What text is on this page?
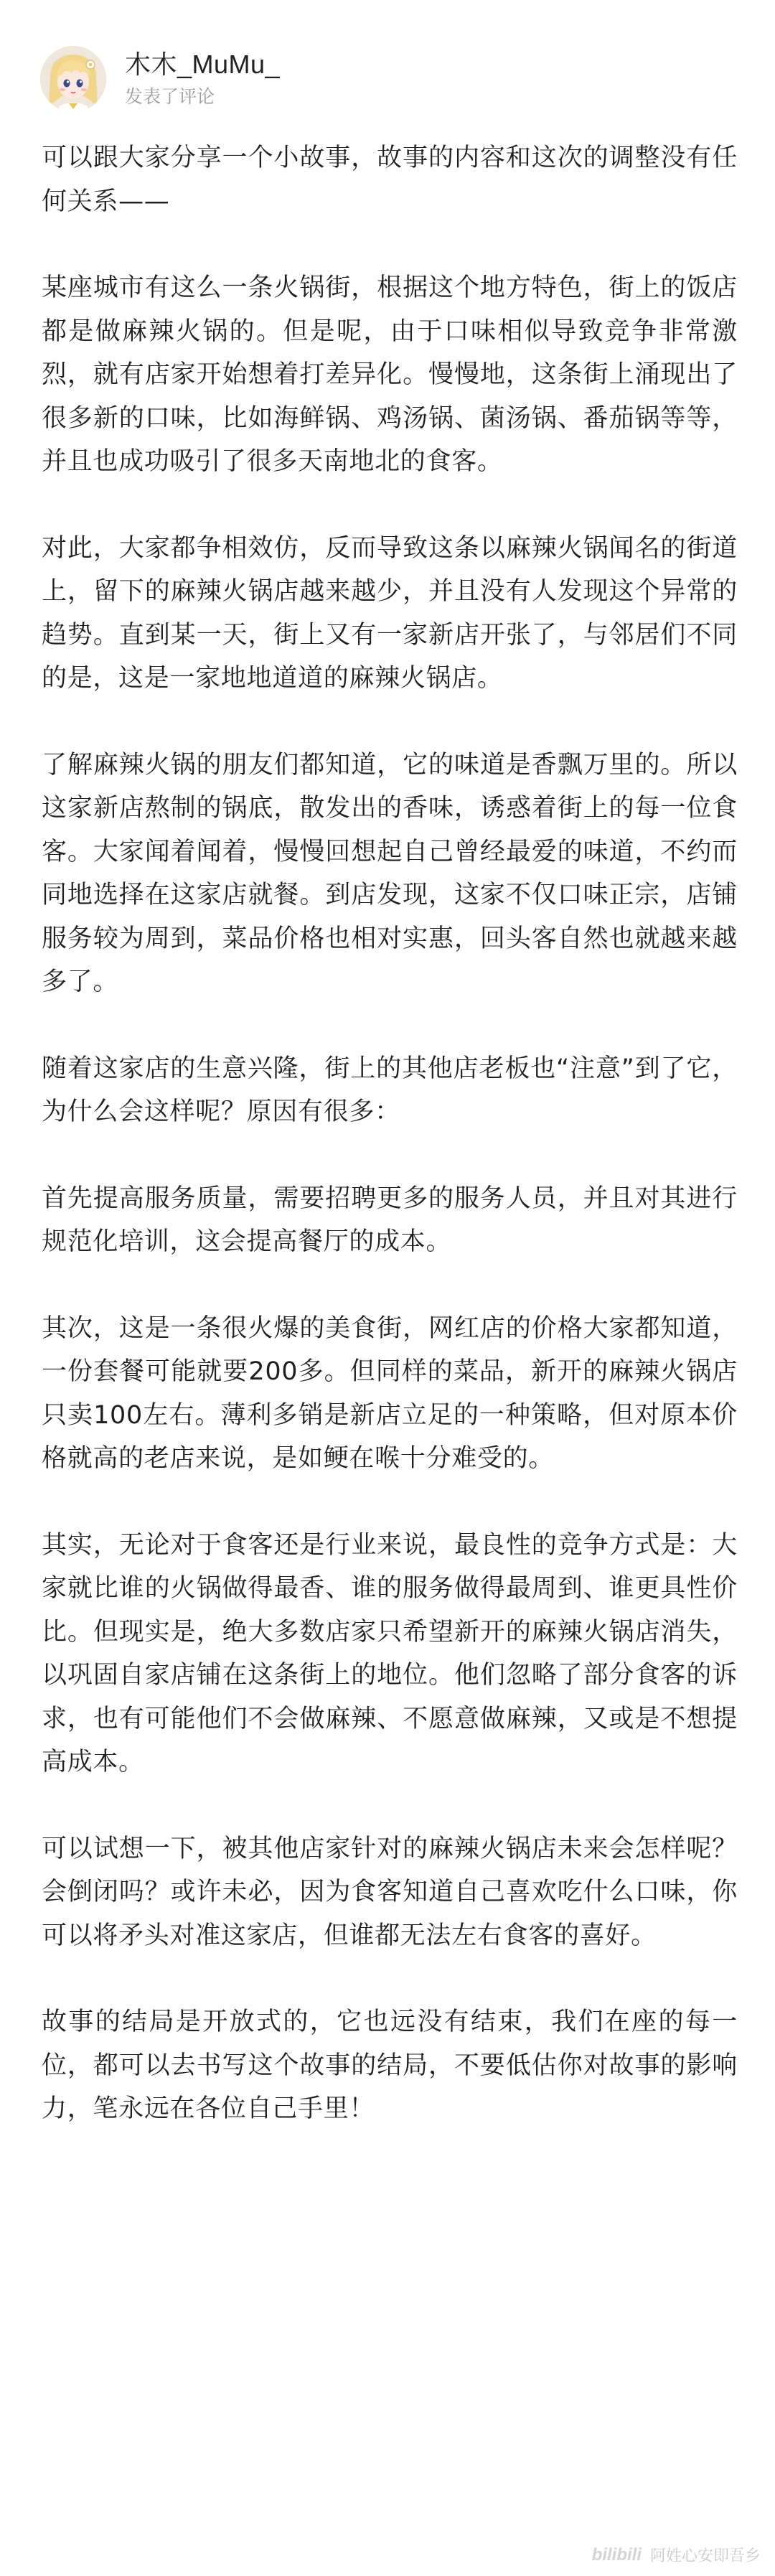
木木_MuMu_
发表了评论

可以跟大家分享一个小故事，故事的内容和这次的调整没有任何关系——

某座城市有这么一条火锅街，根据这个地方特色，街上的饭店都是做麻辣火锅的。但是呢，由于口味相似导致竞争非常激烈，就有店家开始想着打差异化。慢慢地，这条街上涌现出了很多新的口味，比如海鲜锅、鸡汤锅、菌汤锅、番茄锅等等，并且也成功吸引了很多天南地北的食客。

对此，大家都争相效仿，反而导致这条以麻辣火锅闻名的街道上，留下的麻辣火锅店越来越少，并且没有人发现这个异常的趋势。直到某一天，街上又有一家新店开张了，与邻居们不同的是，这是一家地地道道的麻辣火锅店。

了解麻辣火锅的朋友们都知道，它的味道是香飘万里的。所以这家新店熬制的锅底，散发出的香味，诱惑着街上的每一位食客。大家闻着闻着，慢慢回想起自己曾经最爱的味道，不约而同地选择在这家店就餐。到店发现，这家不仅口味正宗，店铺服务较为周到，菜品价格也相对实惠，回头客自然也就越来越多了。

随着这家店的生意兴隆，街上的其他店老板也“注意”到了它，为什么会这样呢？原因有很多：

首先提高服务质量，需要招聘更多的服务人员，并且对其进行规范化培训，这会提高餐厅的成本。

其次，这是一条很火爆的美食街，网红店的价格大家都知道，一份套餐可能就要200多。但同样的菜品，新开的麻辣火锅店只卖100左右。薄利多销是新店立足的一种策略，但对原本价格就高的老店来说，是如鲠在喉十分难受的。

其实，无论对于食客还是行业来说，最良性的竞争方式是：大家就比谁的火锅做得最香、谁的服务做得最周到、谁更具性价比。但现实是，绝大多数店家只希望新开的麻辣火锅店消失，以巩固自家店铺在这条街上的地位。他们忽略了部分食客的诉求，也有可能他们不会做麻辣、不愿意做麻辣，又或是不想提高成本。

可以试想一下，被其他店家针对的麻辣火锅店未来会怎样呢？会倒闭吗？或许未必，因为食客知道自己喜欢吃什么口味，你可以将矛头对准这家店，但谁都无法左右食客的喜好。

故事的结局是开放式的，它也远没有结束，我们在座的每一位，都可以去书写这个故事的结局，不要低估你对故事的影响力，笔永远在各位自己手里！

bilibili 阿姓心安即吾乡
